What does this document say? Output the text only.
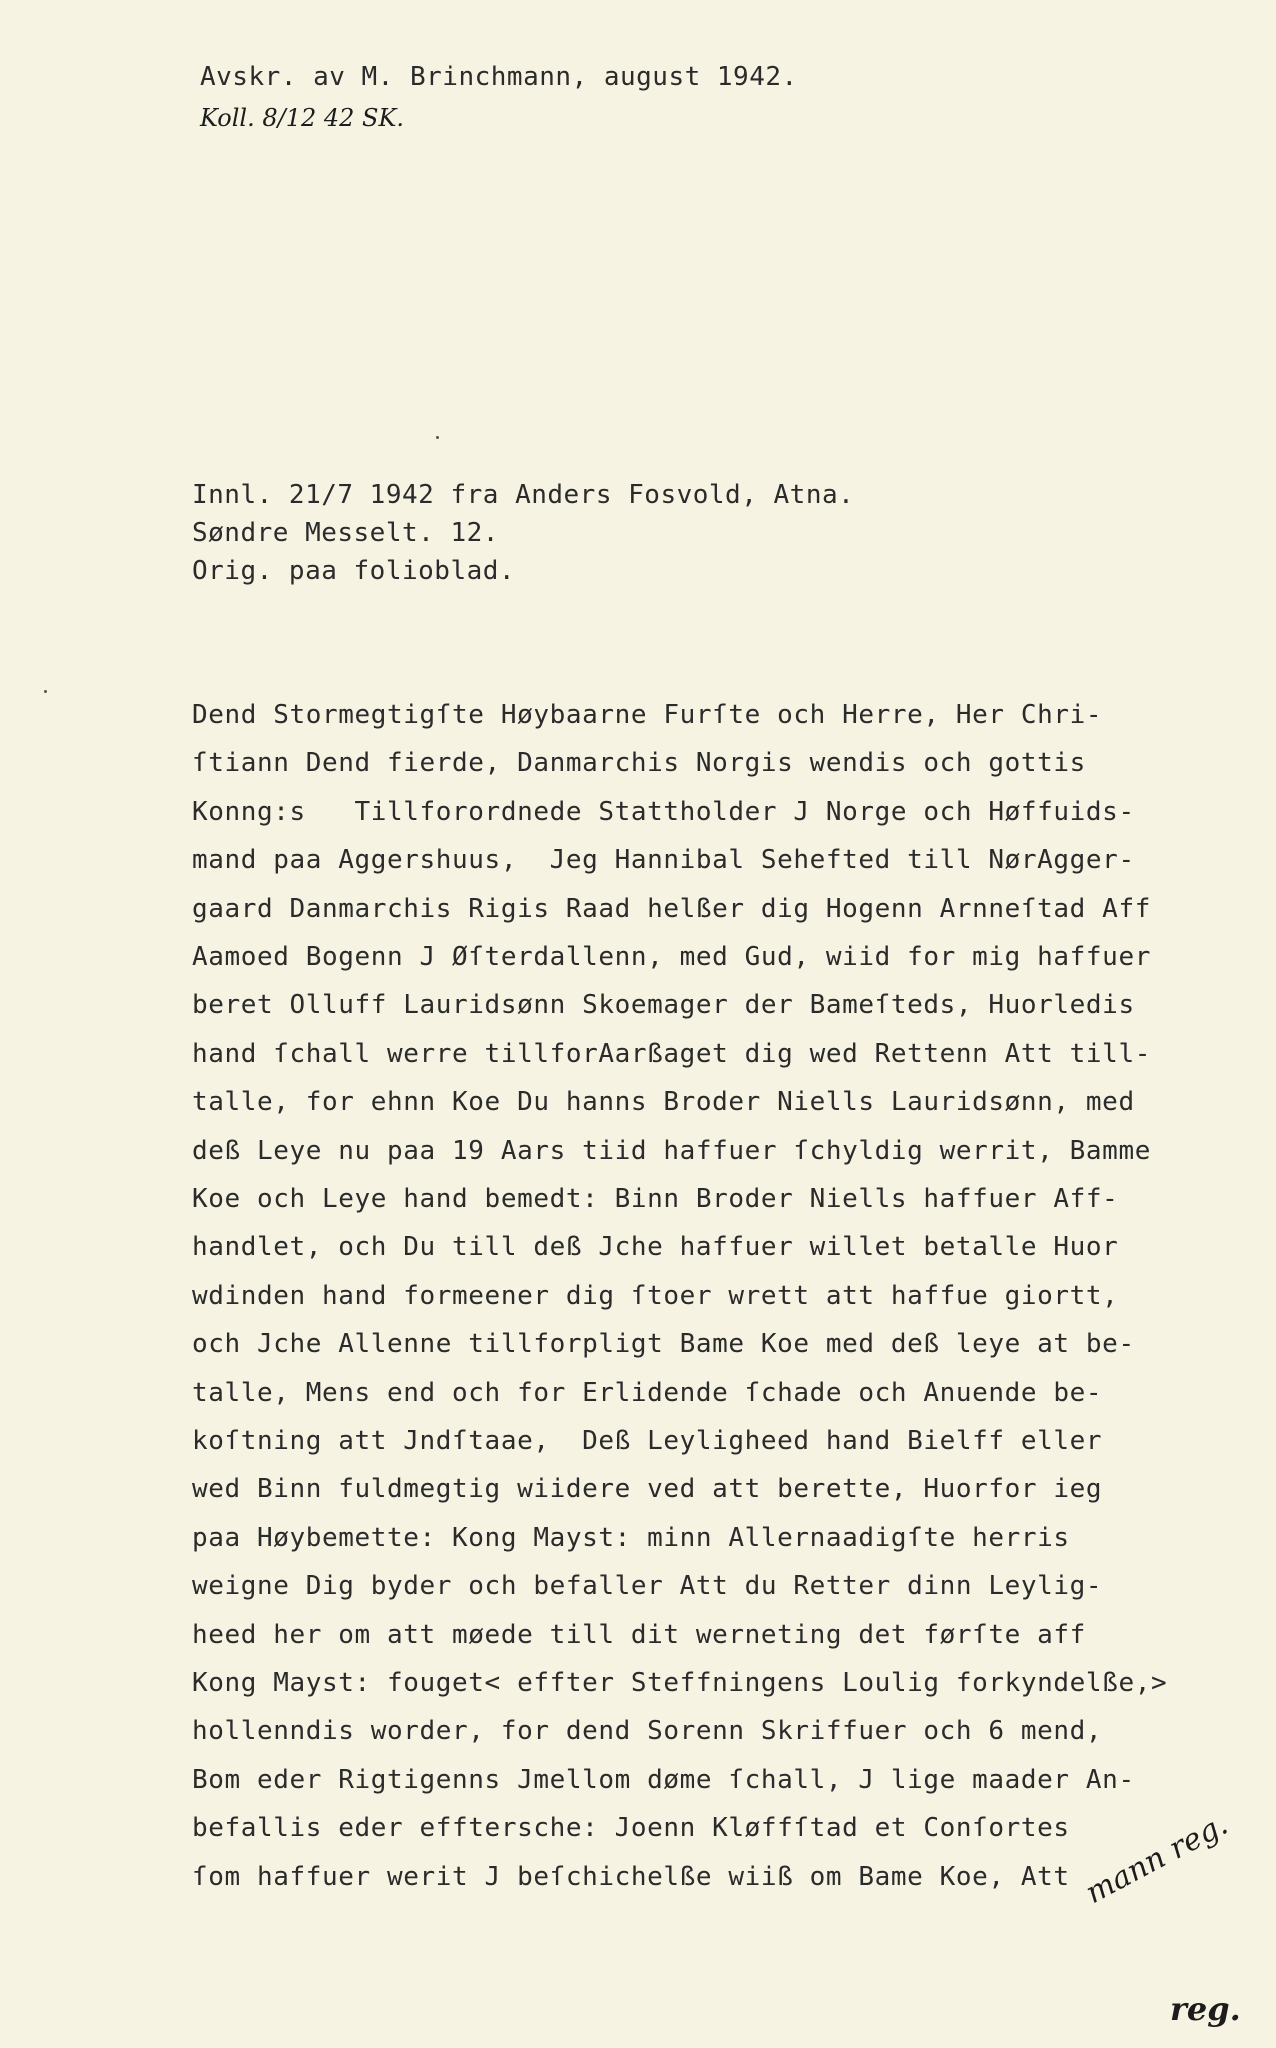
Avskr. av M. Brinchmann, august 1942.
Koll. 8/12 42 SK.
Innl. 21/7 1942 fra Anders Fosvold, Atna.
Søndre Messelt. 12.
Orig. paa folioblad.
Dend Stormegtigſte Høybaarne Furſte och Herre, Her Chri-
ſtiann Dend fierde, Danmarchis Norgis wendis och gottis
Konng:s   Tillforordnede Stattholder J Norge och Høffuids-
mand paa Aggershuus,  Jeg Hannibal Sehefted till NørAgger-
gaard Danmarchis Rigis Raad helßer dig Hogenn Arnneſtad Aff
Aamoed Bogenn J Øſterdallenn, med Gud, wiid for mig haffuer
beret Olluff Lauridsønn Skoemager der Bameſteds, Huorledis
hand ſchall werre tillforAarßaget dig wed Rettenn Att till-
talle, for ehnn Koe Du hanns Broder Niells Lauridsønn, med
deß Leye nu paa 19 Aars tiid haffuer ſchyldig werrit, Bamme
Koe och Leye hand bemedt: Binn Broder Niells haffuer Aff-
handlet, och Du till deß Jche haffuer willet betalle Huor
wdinden hand formeener dig ſtoer wrett att haffue giortt,
och Jche Allenne tillforpligt Bame Koe med deß leye at be-
talle, Mens end och for Erlidende ſchade och Anuende be-
koſtning att Jndſtaae,  Deß Leyligheed hand Bielff eller
wed Binn fuldmegtig wiidere ved att berette, Huorfor ieg
paa Høybemette: Kong Mayst: minn Allernaadigſte herris
weigne Dig byder och befaller Att du Retter dinn Leylig-
heed her om att møede till dit werneting det førſte aff
Kong Mayst: fouget< effter Steffningens Loulig forkyndelße,>
hollenndis worder, for dend Sorenn Skriffuer och 6 mend,
Bom eder Rigtigenns Jmellom døme ſchall, J lige maader An-
befallis eder efftersche: Joenn Kløffſtad et Conſortes
ſom haffuer werit J beſchichelße wiiß om Bame Koe, Att mann reg.
reg.
